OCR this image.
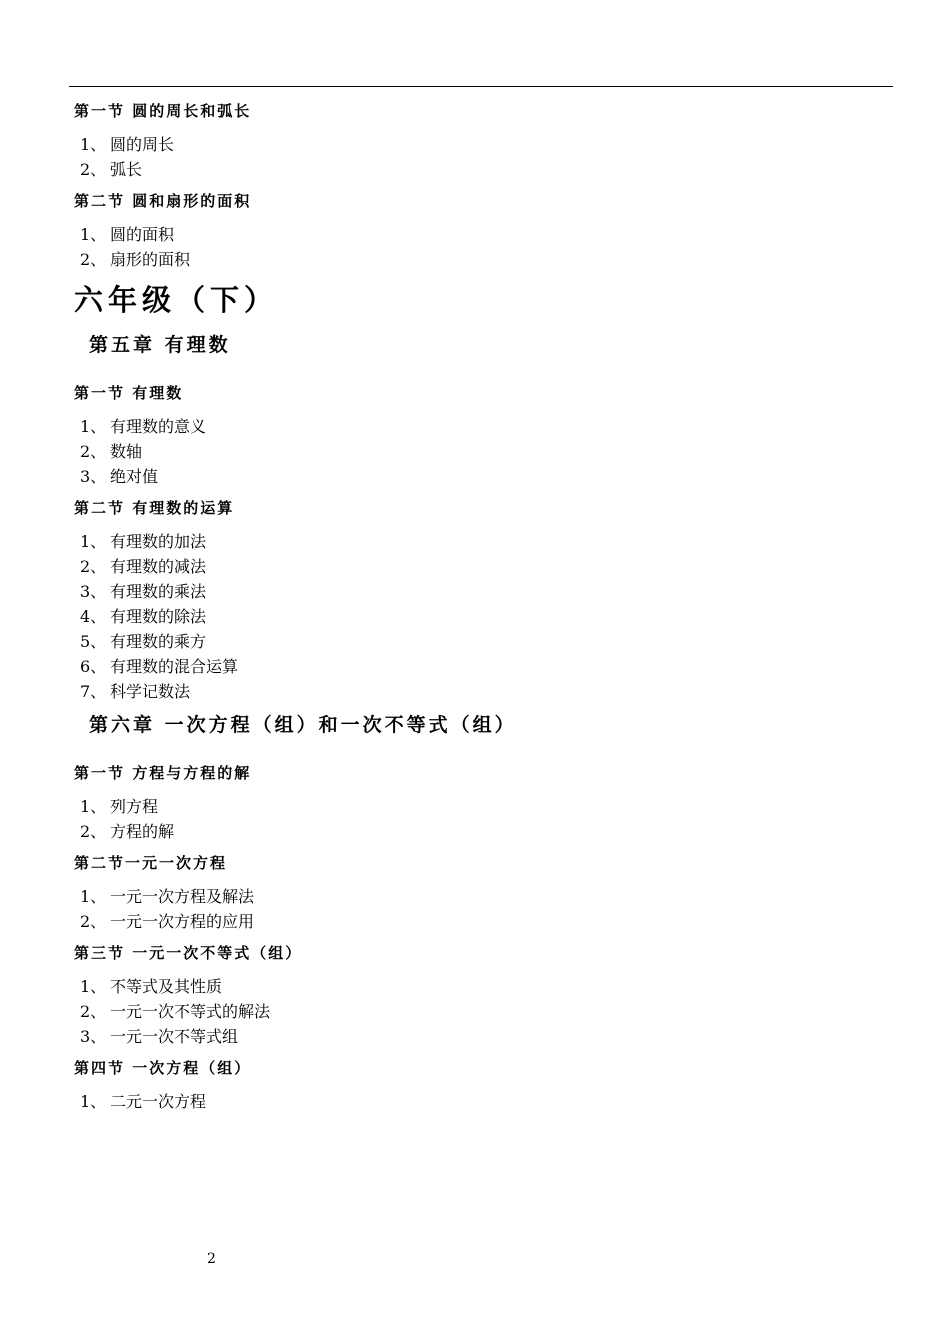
第一节 圆的周长和弧长
1、 圆的周长
2、 弧长
第二节 圆和扇形的面积
1、 圆的面积
2、 扇形的面积
六年级（下）
第五章 有理数
第一节 有理数
1、 有理数的意义
2、 数轴
3、 绝对值
第二节 有理数的运算
1、 有理数的加法
2、 有理数的减法
3、 有理数的乘法
4、 有理数的除法
5、 有理数的乘方
6、 有理数的混合运算
7、 科学记数法
第六章 一次方程（组）和一次不等式（组）
第一节 方程与方程的解
1、 列方程
2、 方程的解
第二节一元一次方程
1、 一元一次方程及解法
2、 一元一次方程的应用
第三节 一元一次不等式（组）
1、 不等式及其性质
2、 一元一次不等式的解法
3、 一元一次不等式组
第四节 一次方程（组）
1、 二元一次方程
2
